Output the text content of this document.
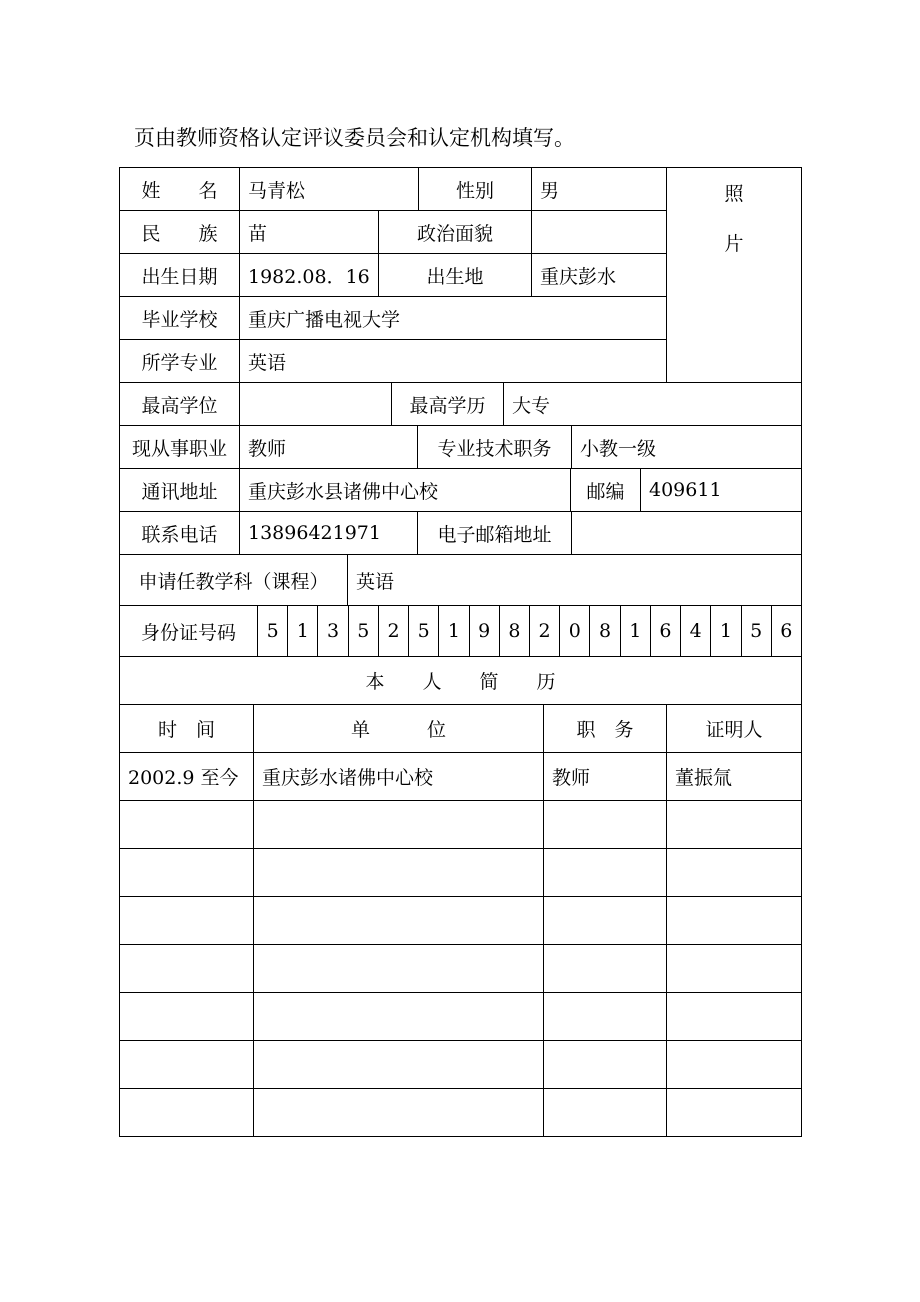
页由教师资格认定评议委员会和认定机构填写。
姓　　名	马青松		性别	男	照
片

民　　族	苗	政治面貌			
出生日期	1982.08．16	出生地		重庆彭水	
毕业学校	重庆广播电视大学				
所学专业	英语				
最高学位		最高学历	大专
现从事职业	教师	专业技术职务	小教一级
通讯地址	重庆彭水县诸佛中心校	邮编	409611
联系电话	13896421971	电子邮箱地址	
申请任教学科（课程）	英语
身份证号码	5	1	3	5	2	5	1	9	8	2	0	8	1	6	4	1	5	6
本　　人　　简　　历
时　间	单　　　位	职　务	证明人
2002.9 至今	重庆彭水诸佛中心校	教师	董振氚
